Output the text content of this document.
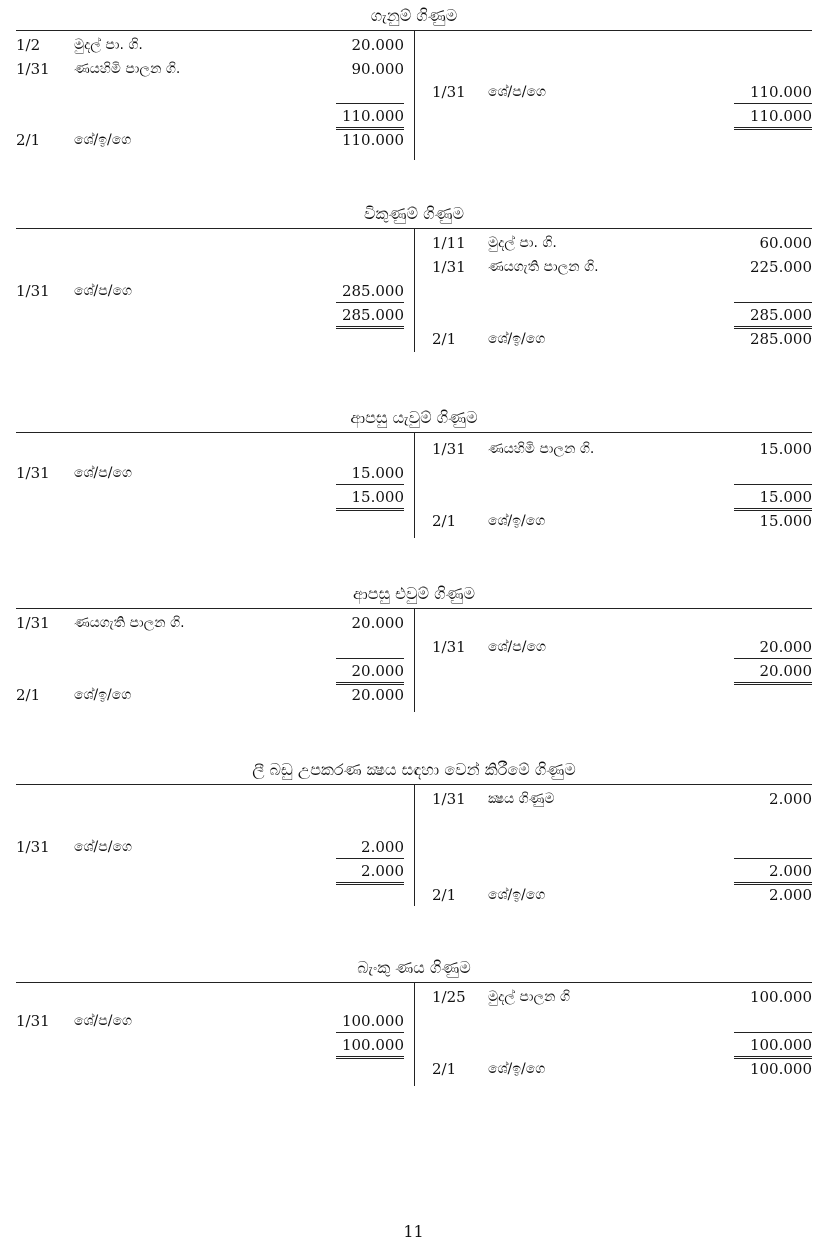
ගැනුම් ගිණුම
1/2	මුදල් පා. ගි.	20.000
1/31	ණයහිමි පාලන ගි.	90.000
110.000
2/1	ශේ/ඉ/ගෙ	110.000
1/31	ශේ/ප/ගෙ	110.000
110.000
විකුණුම් ගිණුම
1/11	මුදල් පා. ගි.	60.000
1/31	ණයගැති පාලන ගි.	225.000
285.000
2/1	ශේ/ඉ/ගෙ	285.000
1/31	ශේ/ප/ගෙ	285.000
285.000
ආපසු යැවුම් ගිණුම
1/31	ණයහිමි පාලන ගි.	15.000
15.000
2/1	ශේ/ඉ/ගෙ	15.000
1/31	ශේ/ප/ගෙ	15.000
15.000
ආපසු එවුම් ගිණුම
1/31	ණයගැති පාලන ගි.	20.000
20.000
2/1	ශේ/ඉ/ගෙ	20.000
1/31	ශේ/ප/ගෙ	20.000
20.000
ලී බඩු උපකරණ ක්‍ෂය සඳහා වෙන් කිරීමේ ගිණුම
1/31	ක්‍ෂය ගිණුම	2.000
2.000
2/1	ශේ/ඉ/ගෙ	2.000
1/31	ශේ/ප/ගෙ	2.000
2.000
බැංකු ණය ගිණුම
1/25	මුදල් පාලන ගි	100.000
100.000
2/1	ශේ/ඉ/ගෙ	100.000
1/31	ශේ/ප/ගෙ	100.000
100.000
11
